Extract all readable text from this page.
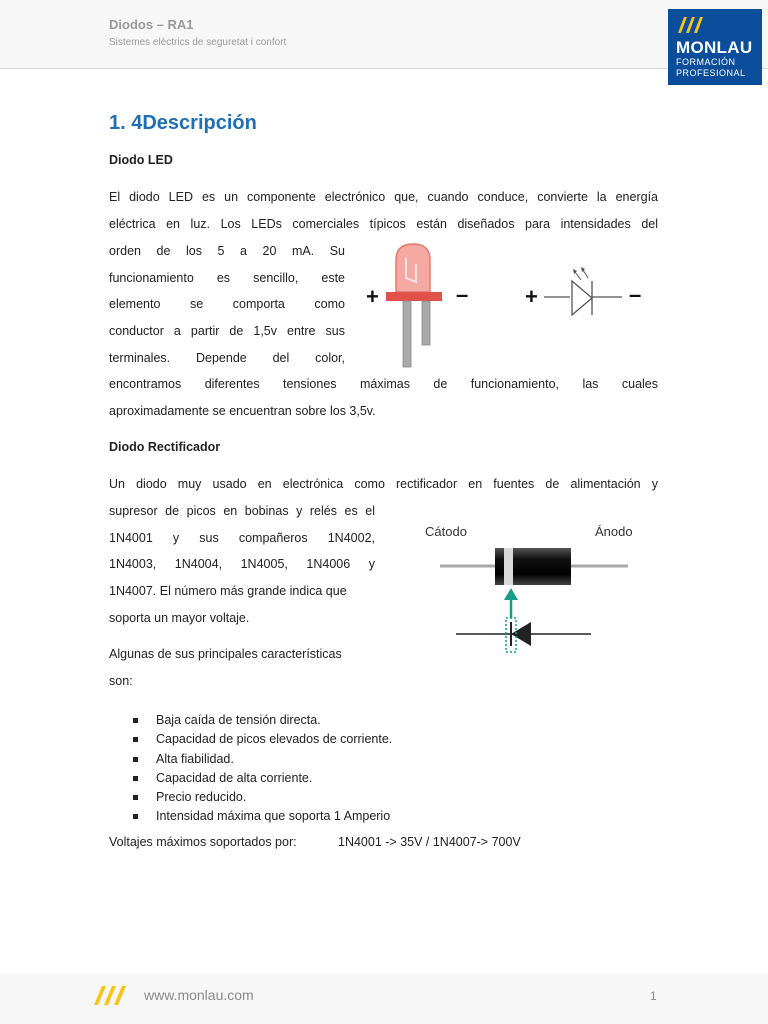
Diodos – RA1
Sistemes elèctrics de seguretat i confort	MONLAU
FORMACIÓN
PROFESIONAL
1. 4Descripción
Diodo LED
El diodo LED es un componente electrónico que, cuando conduce, convierte la energía
eléctrica en luz. Los LEDs comerciales típicos están diseñados para intensidades del
orden de los 5 a 20 mA. Su
funcionamiento es sencillo, este
elemento se comporta como
conductor a partir de 1,5v entre sus
terminales. Depende del color,
encontramos diferentes tensiones máximas de funcionamiento, las cuales
aproximadamente se encuentran sobre los 3,5v.
+	–	+	–
Diodo Rectificador
Un diodo muy usado en electrónica como rectificador en fuentes de alimentación y
supresor de picos en bobinas y relés es el
1N4001 y sus compañeros 1N4002,
1N4003, 1N4004, 1N4005, 1N4006 y
1N4007. El número más grande indica que
soporta un mayor voltaje.
Cátodo	Ánodo
Algunas de sus principales características
son:
Baja caída de tensión directa.
Capacidad de picos elevados de corriente.
Alta fiabilidad.
Capacidad de alta corriente.
Precio reducido.
Intensidad máxima que soporta 1 Amperio
Voltajes máximos soportados por:	1N4001 -> 35V / 1N4007-> 700V
www.monlau.com	1
